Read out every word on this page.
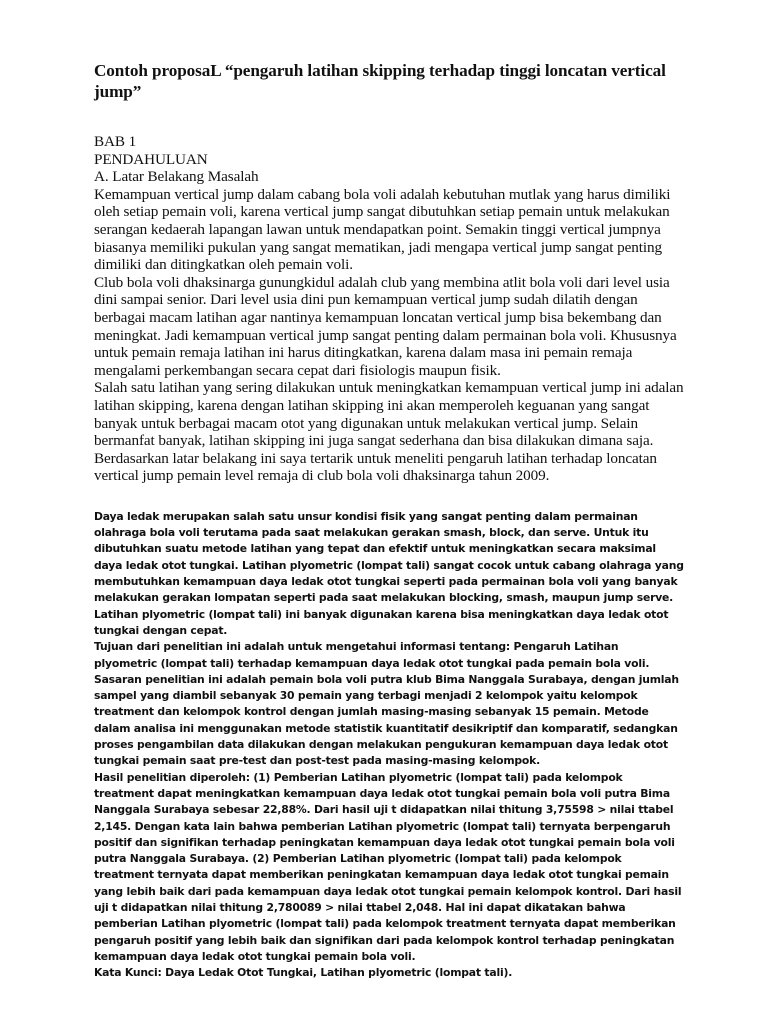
Contoh proposaL “pengaruh latihan skipping terhadap tinggi loncatan vertical jump”

BAB 1

PENDAHULUAN

A. Latar Belakang Masalah

Kemampuan vertical jump dalam cabang bola voli adalah kebutuhan mutlak yang harus dimiliki oleh setiap pemain voli, karena vertical jump sangat dibutuhkan setiap pemain untuk melakukan serangan kedaerah lapangan lawan untuk mendapatkan point. Semakin tinggi vertical jumpnya biasanya memiliki pukulan yang sangat mematikan, jadi mengapa vertical jump sangat penting dimiliki dan ditingkatkan oleh pemain voli.

Club bola voli dhaksinarga gunungkidul adalah club yang membina atlit bola voli dari level usia dini sampai senior. Dari level usia dini pun kemampuan vertical jump sudah dilatih dengan berbagai macam latihan agar nantinya kemampuan loncatan vertical jump bisa bekembang dan meningkat. Jadi kemampuan vertical jump sangat penting dalam permainan bola voli. Khususnya untuk pemain remaja latihan ini harus ditingkatkan, karena dalam masa ini pemain remaja mengalami perkembangan secara cepat dari fisiologis maupun fisik.

Salah satu latihan yang sering dilakukan untuk meningkatkan kemampuan vertical jump ini adalan latihan skipping, karena dengan latihan skipping ini akan memperoleh keguanan yang sangat banyak untuk berbagai macam otot yang digunakan untuk melakukan vertical jump. Selain bermanfat banyak, latihan skipping ini juga sangat sederhana dan bisa dilakukan dimana saja.

Berdasarkan latar belakang ini saya tertarik untuk meneliti pengaruh latihan terhadap loncatan vertical jump pemain level remaja di club bola voli dhaksinarga tahun 2009.

Daya ledak merupakan salah satu unsur kondisi fisik yang sangat penting dalam permainan olahraga bola voli terutama pada saat melakukan gerakan smash, block, dan serve. Untuk itu dibutuhkan suatu metode latihan yang tepat dan efektif untuk meningkatkan secara maksimal daya ledak otot tungkai. Latihan plyometric (lompat tali) sangat cocok untuk cabang olahraga yang membutuhkan kemampuan daya ledak otot tungkai seperti pada permainan bola voli yang banyak melakukan gerakan lompatan seperti pada saat melakukan blocking, smash, maupun jump serve. Latihan plyometric (lompat tali) ini banyak digunakan karena bisa meningkatkan daya ledak otot tungkai dengan cepat.

Tujuan dari penelitian ini adalah untuk mengetahui informasi tentang: Pengaruh Latihan plyometric (lompat tali) terhadap kemampuan daya ledak otot tungkai pada pemain bola voli. Sasaran penelitian ini adalah pemain bola voli putra klub Bima Nanggala Surabaya, dengan jumlah sampel yang diambil sebanyak 30 pemain yang terbagi menjadi 2 kelompok yaitu kelompok treatment dan kelompok kontrol dengan jumlah masing-masing sebanyak 15 pemain. Metode dalam analisa ini menggunakan metode statistik kuantitatif desikriptif dan komparatif, sedangkan proses pengambilan data dilakukan dengan melakukan pengukuran kemampuan daya ledak otot tungkai pemain saat pre-test dan post-test pada masing-masing kelompok.

Hasil penelitian diperoleh: (1) Pemberian Latihan plyometric (lompat tali) pada kelompok treatment dapat meningkatkan kemampuan daya ledak otot tungkai pemain bola voli putra Bima Nanggala Surabaya sebesar 22,88%. Dari hasil uji t didapatkan nilai thitung 3,75598 > nilai ttabel 2,145. Dengan kata lain bahwa pemberian Latihan plyometric (lompat tali) ternyata berpengaruh positif dan signifikan terhadap peningkatan kemampuan daya ledak otot tungkai pemain bola voli putra Nanggala Surabaya. (2) Pemberian Latihan plyometric (lompat tali) pada kelompok treatment ternyata dapat memberikan peningkatan kemampuan daya ledak otot tungkai pemain yang lebih baik dari pada kemampuan daya ledak otot tungkai pemain kelompok kontrol. Dari hasil uji t didapatkan nilai thitung 2,780089 > nilai ttabel 2,048. Hal ini dapat dikatakan bahwa pemberian Latihan plyometric (lompat tali) pada kelompok treatment ternyata dapat memberikan pengaruh positif yang lebih baik dan signifikan dari pada kelompok kontrol terhadap peningkatan kemampuan daya ledak otot tungkai pemain bola voli.

Kata Kunci: Daya Ledak Otot Tungkai, Latihan plyometric (lompat tali).
